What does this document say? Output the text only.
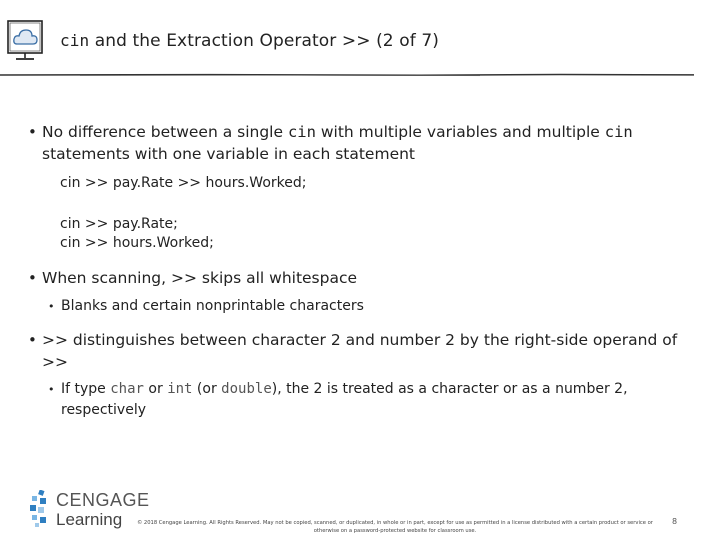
cin and the Extraction Operator >> (2 of 7)
• No difference between a single cin with multiple variables and multiple cin statements with one variable in each statement
cin >> pay.Rate >> hours.Worked;
cin >> pay.Rate;
cin >> hours.Worked;
• When scanning, >> skips all whitespace
• Blanks and certain nonprintable characters
• >> distinguishes between character 2 and number 2 by the right-side operand of >>
• If type char or int (or double), the 2 is treated as a character or as a number 2, respectively
CENGAGE
Learning	© 2018 Cengage Learning. All Rights Reserved. May not be copied, scanned, or duplicated, in whole or in part, except for use as permitted in a license distributed with a certain product or service or otherwise on a password-protected website for classroom use.
8
